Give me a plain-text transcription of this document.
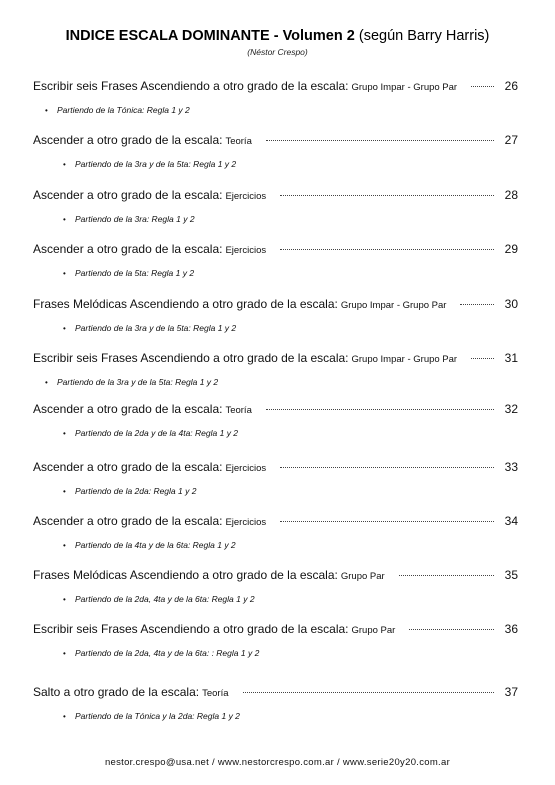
INDICE ESCALA DOMINANTE - Volumen 2 (según Barry Harris)
(Néstor Crespo)
Escribir seis Frases Ascendiendo a otro grado de la escala: Grupo Impar - Grupo Par	26
•	Partiendo de la Tónica: Regla 1 y 2
Ascender a otro grado de la escala: Teoría	27
•	Partiendo de la 3ra y de la 5ta: Regla 1 y 2
Ascender a otro grado de la escala: Ejercicios	28
•	Partiendo de la 3ra: Regla 1 y 2
Ascender a otro grado de la escala: Ejercicios	29
•	Partiendo de la 5ta: Regla 1 y 2
Frases Melódicas Ascendiendo a otro grado de la escala: Grupo Impar - Grupo Par	30
•	Partiendo de la 3ra y de la 5ta: Regla 1 y 2
Escribir seis Frases Ascendiendo a otro grado de la escala: Grupo Impar - Grupo Par	31
•	Partiendo de la 3ra y de la 5ta: Regla 1 y 2
Ascender a otro grado de la escala: Teoría	32
•	Partiendo de la 2da y de la 4ta: Regla 1 y 2
Ascender a otro grado de la escala: Ejercicios	33
•	Partiendo de la 2da: Regla 1 y 2
Ascender a otro grado de la escala: Ejercicios	34
•	Partiendo de la 4ta y de la 6ta: Regla 1 y 2
Frases Melódicas Ascendiendo a otro grado de la escala: Grupo Par	35
•	Partiendo de la 2da, 4ta y de la 6ta: Regla 1 y 2
Escribir seis Frases Ascendiendo a otro grado de la escala: Grupo Par	36
•	Partiendo de la 2da, 4ta y de la 6ta: : Regla 1 y 2
Salto a otro grado de la escala: Teoría	37
•	Partiendo de la Tónica y la 2da: Regla 1 y 2
nestor.crespo@usa.net / www.nestorcrespo.com.ar / www.serie20y20.com.ar
